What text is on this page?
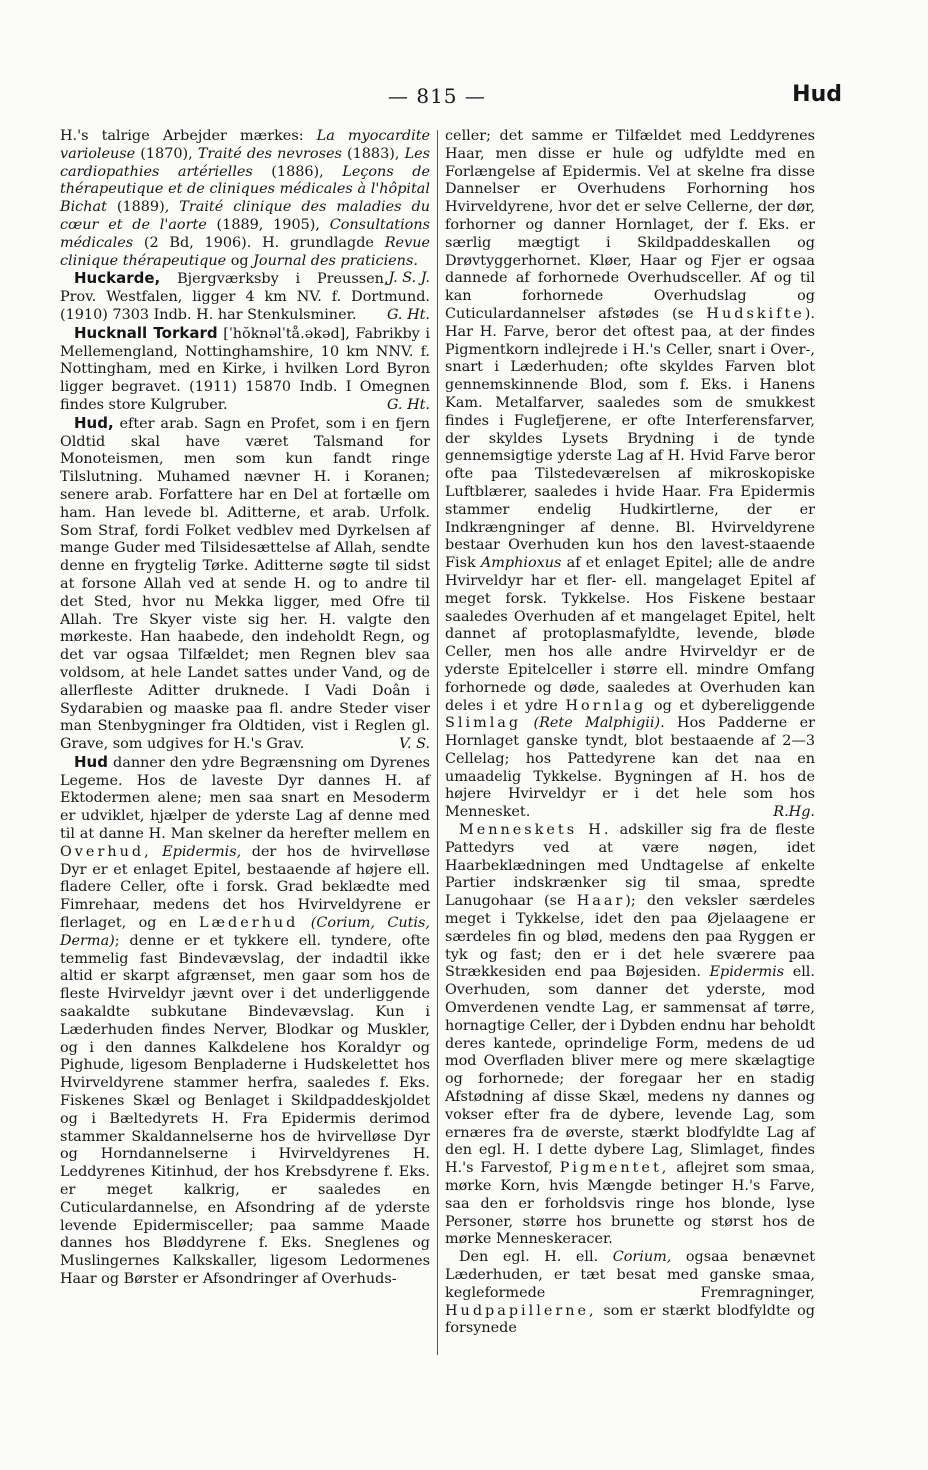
— 815 —	Hud

H.'s talrige Arbejder mærkes: La myocardite varioleuse (1870), Traité des nevroses (1883), Les cardiopathies artérielles (1886), Leçons de thérapeutique et de cliniques médicales à l'hôpital Bichat (1889), Traité clinique des maladies du cœur et de l'aorte (1889, 1905), Consultations médicales (2 Bd, 1906). H. grundlagde Revue clinique thérapeutique og Journal des praticiens.
J. S. J.

Huckarde, Bjergværksby i Preussen, Prov. Westfalen, ligger 4 km NV. f. Dortmund. (1910) 7303 Indb. H. har Stenkulsminer.	G. Ht.

Hucknall Torkard [ˈhŏknəlˈtå.əkəd], Fabrikby i Mellemengland, Nottinghamshire, 10 km NNV. f. Nottingham, med en Kirke, i hvilken Lord Byron ligger begravet. (1911) 15870 Indb. I Omegnen findes store Kulgruber.	G. Ht.

Hud, efter arab. Sagn en Profet, som i en fjern Oldtid skal have været Talsmand for Monoteismen, men som kun fandt ringe Tilslutning. Muhamed nævner H. i Koranen; senere arab. Forfattere har en Del at fortælle om ham. Han levede bl. Aditterne, et arab. Urfolk. Som Straf, fordi Folket vedblev med Dyrkelsen af mange Guder med Tilsidesættelse af Allah, sendte denne en frygtelig Tørke. Aditterne søgte til sidst at forsone Allah ved at sende H. og to andre til det Sted, hvor nu Mekka ligger, med Ofre til Allah. Tre Skyer viste sig her. H. valgte den mørkeste. Han haabede, den indeholdt Regn, og det var ogsaa Tilfældet; men Regnen blev saa voldsom, at hele Landet sattes under Vand, og de allerfleste Aditter druknede. I Vadi Doân i Sydarabien og maaske paa fl. andre Steder viser man Stenbygninger fra Oldtiden, vist i Reglen gl. Grave, som udgives for H.'s Grav.	V. S.

Hud danner den ydre Begrænsning om Dyrenes Legeme. Hos de laveste Dyr dannes H. af Ektodermen alene; men saa snart en Mesoderm er udviklet, hjælper de yderste Lag af denne med til at danne H. Man skelner da herefter mellem en Overhud, Epidermis, der hos de hvirvelløse Dyr er et enlaget Epitel, bestaaende af højere ell. fladere Celler, ofte i forsk. Grad beklædte med Fimrehaar, medens det hos Hvirveldyrene er flerlaget, og en Læderhud (Corium, Cutis, Derma); denne er et tykkere ell. tyndere, ofte temmelig fast Bindevævslag, der indadtil ikke altid er skarpt afgrænset, men gaar som hos de fleste Hvirveldyr jævnt over i det underliggende saakaldte subkutane Bindevævslag. Kun i Læderhuden findes Nerver, Blodkar og Muskler, og i den dannes Kalkdelene hos Koraldyr og Pighude, ligesom Benpladerne i Hudskelettet hos Hvirveldyrene stammer herfra, saaledes f. Eks. Fiskenes Skæl og Benlaget i Skildpaddeskjoldet og i Bæltedyrets H. Fra Epidermis derimod stammer Skaldannelserne hos de hvirvelløse Dyr og Horndannelserne i Hvirveldyrenes H. Leddyrenes Kitinhud, der hos Krebsdyrene f. Eks. er meget kalkrig, er saaledes en Cuticulardannelse, en Afsondring af de yderste levende Epidermisceller; paa samme Maade dannes hos Bløddyrene f. Eks. Sneglenes og Muslingernes Kalkskaller, ligesom Ledormenes Haar og Børster er Afsondringer af Overhuds-

celler; det samme er Tilfældet med Leddyrenes Haar, men disse er hule og udfyldte med en Forlængelse af Epidermis. Vel at skelne fra disse Dannelser er Overhudens Forhorning hos Hvirveldyrene, hvor det er selve Cellerne, der dør, forhorner og danner Hornlaget, der f. Eks. er særlig mægtigt i Skildpaddeskallen og Drøvtyggerhornet. Kløer, Haar og Fjer er ogsaa dannede af forhornede Overhudsceller. Af og til kan forhornede Overhudslag og Cuticulardannelser afstødes (se Hudskifte). Har H. Farve, beror det oftest paa, at der findes Pigmentkorn indlejrede i H.'s Celler, snart i Over-, snart i Læderhuden; ofte skyldes Farven blot gennemskinnende Blod, som f. Eks. i Hanens Kam. Metalfarver, saaledes som de smukkest findes i Fuglefjerene, er ofte Interferensfarver, der skyldes Lysets Brydning i de tynde gennemsigtige yderste Lag af H. Hvid Farve beror ofte paa Tilstedeværelsen af mikroskopiske Luftblærer, saaledes i hvide Haar. Fra Epidermis stammer endelig Hudkirtlerne, der er Indkrængninger af denne. Bl. Hvirveldyrene bestaar Overhuden kun hos den lavest-staaende Fisk Amphioxus af et enlaget Epitel; alle de andre Hvirveldyr har et fler- ell. mangelaget Epitel af meget forsk. Tykkelse. Hos Fiskene bestaar saaledes Overhuden af et mangelaget Epitel, helt dannet af protoplasmafyldte, levende, bløde Celler, men hos alle andre Hvirveldyr er de yderste Epitelceller i større ell. mindre Omfang forhornede og døde, saaledes at Overhuden kan deles i et ydre Hornlag og et dybereliggende Slimlag (Rete Malphigii). Hos Padderne er Hornlaget ganske tyndt, blot bestaaende af 2—3 Cellelag; hos Pattedyrene kan det naa en umaadelig Tykkelse. Bygningen af H. hos de højere Hvirveldyr er i det hele som hos Mennesket.	R.Hg.

Menneskets H. adskiller sig fra de fleste Pattedyrs ved at være nøgen, idet Haarbeklædningen med Undtagelse af enkelte Partier indskrænker sig til smaa, spredte Lanugohaar (se Haar); den veksler særdeles meget i Tykkelse, idet den paa Øjelaagene er særdeles fin og blød, medens den paa Ryggen er tyk og fast; den er i det hele sværere paa Strækkesiden end paa Bøjesiden. Epidermis ell. Overhuden, som danner det yderste, mod Omverdenen vendte Lag, er sammensat af tørre, hornagtige Celler, der i Dybden endnu har beholdt deres kantede, oprindelige Form, medens de ud mod Overfladen bliver mere og mere skælagtige og forhornede; der foregaar her en stadig Afstødning af disse Skæl, medens ny dannes og vokser efter fra de dybere, levende Lag, som ernæres fra de øverste, stærkt blodfyldte Lag af den egl. H. I dette dybere Lag, Slimlaget, findes H.'s Farvestof, Pigmentet, aflejret som smaa, mørke Korn, hvis Mængde betinger H.'s Farve, saa den er forholdsvis ringe hos blonde, lyse Personer, større hos brunette og størst hos de mørke Menneskeracer.

Den egl. H. ell. Corium, ogsaa benævnet Læderhuden, er tæt besat med ganske smaa, kegleformede Fremragninger, Hudpapillerne, som er stærkt blodfyldte og forsynede
